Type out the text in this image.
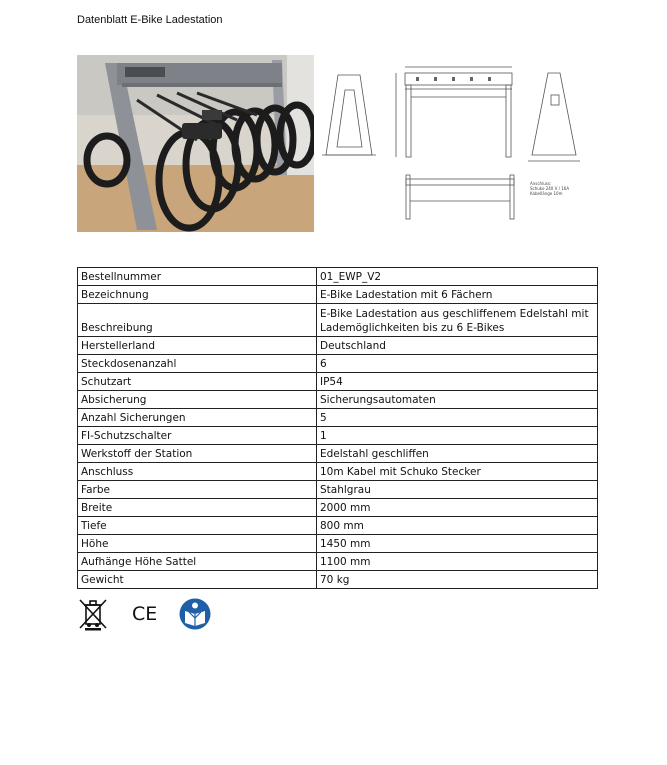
Datenblatt E-Bike Ladestation
Anschluss:
Schuko 240 V / 16A
Kabellänge 10m
Bestellnummer	01_EWP_V2
Bezeichnung	E-Bike Ladestation mit 6 Fächern
Beschreibung	E-Bike Ladestation aus geschliffenem Edelstahl mit Lademöglichkeiten bis zu 6 E-Bikes
Herstellerland	Deutschland
Steckdosenanzahl	6
Schutzart	IP54
Absicherung	Sicherungsautomaten
Anzahl Sicherungen	5
FI-Schutzschalter	1
Werkstoff der Station	Edelstahl geschliffen
Anschluss	10m Kabel mit Schuko Stecker
Farbe	Stahlgrau
Breite	2000 mm
Tiefe	800 mm
Höhe	1450 mm
Aufhänge Höhe Sattel	1100 mm
Gewicht	70 kg
CE
